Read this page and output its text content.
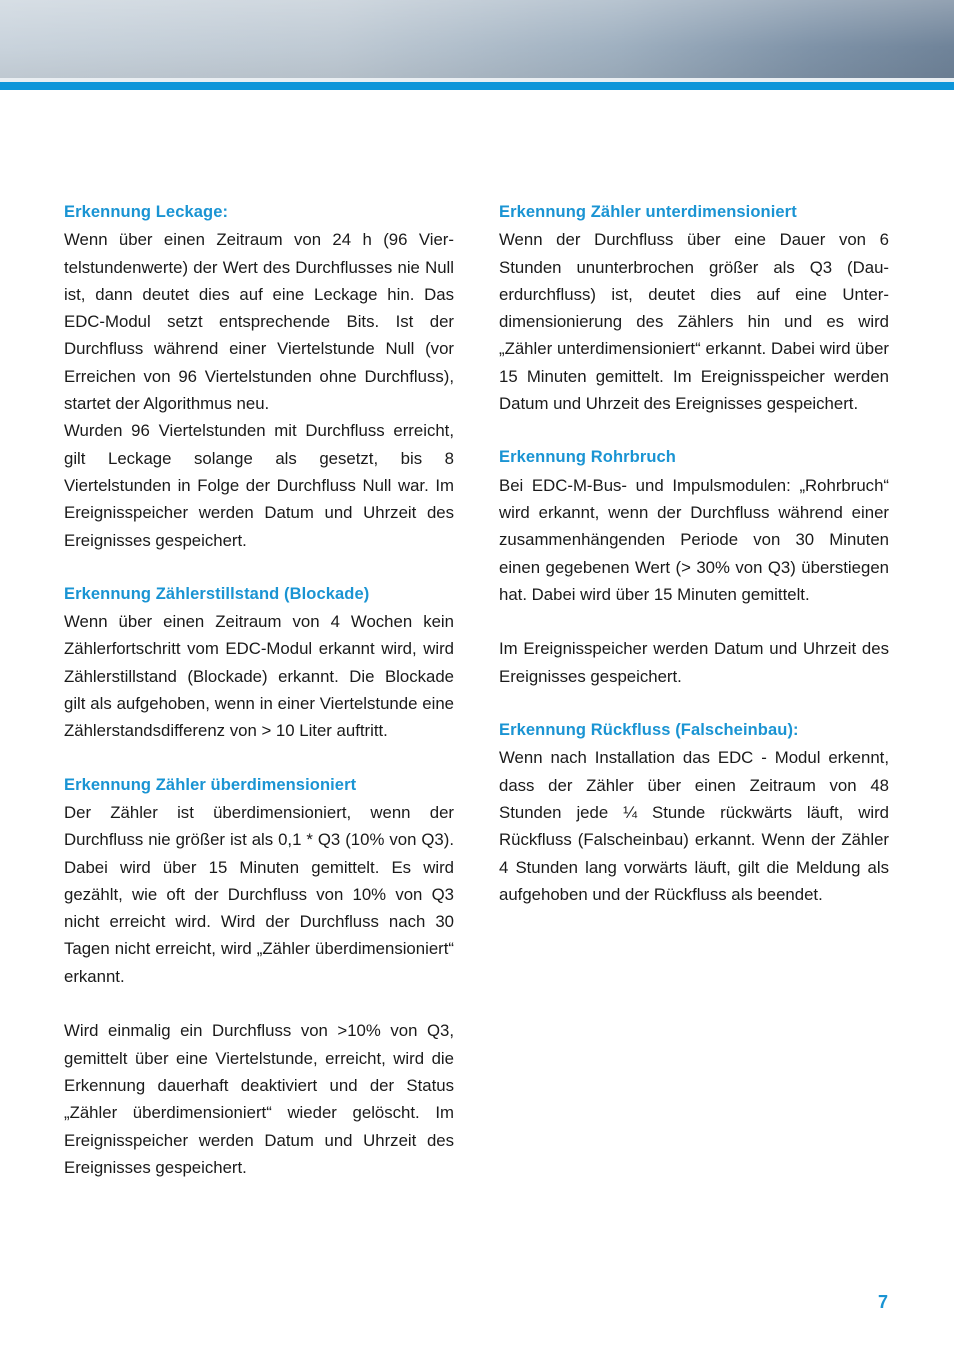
Erkennung Leckage:

Wenn über einen Zeitraum von 24 h (96 Viertelstundenwerte) der Wert des Durchflusses nie Null ist, dann deutet dies auf eine Leckage hin. Das EDC-Modul setzt entsprechende Bits. Ist der Durchfluss während einer Viertelstunde Null (vor Erreichen von 96 Viertelstunden ohne Durchfluss), startet der Algorithmus neu.

Wurden 96 Viertelstunden mit Durchfluss erreicht, gilt Leckage solange als gesetzt, bis 8 Viertelstunden in Folge der Durchfluss Null war. Im Ereignisspeicher werden Datum und Uhrzeit des Ereignisses gespeichert.

Erkennung Zählerstillstand (Blockade)

Wenn über einen Zeitraum von 4 Wochen kein Zählerfortschritt vom EDC-Modul erkannt wird, wird Zählerstillstand (Blockade) erkannt. Die Blockade gilt als aufgehoben, wenn in einer Viertelstunde eine Zählerstandsdifferenz von > 10 Liter auftritt.

Erkennung Zähler überdimensioniert

Der Zähler ist überdimensioniert, wenn der Durchfluss nie größer ist als 0,1 * Q3 (10% von Q3). Dabei wird über 15 Minuten gemittelt. Es wird gezählt, wie oft der Durchfluss von 10% von Q3 nicht erreicht wird. Wird der Durchfluss nach 30 Tagen nicht erreicht, wird „Zähler überdimensioniert“ erkannt.

Wird einmalig ein Durchfluss von >10% von Q3, gemittelt über eine Viertelstunde, erreicht, wird die Erkennung dauerhaft deaktiviert und der Status „Zähler überdimensioniert“ wieder gelöscht. Im Ereignisspeicher werden Datum und Uhrzeit des Ereignisses gespeichert.

Erkennung Zähler unterdimensioniert

Wenn der Durchfluss über eine Dauer von 6 Stunden ununterbrochen größer als Q3 (Dauerdurchfluss) ist, deutet dies auf eine Unterdimensionierung des Zählers hin und es wird „Zähler unterdimensioniert“ erkannt. Dabei wird über 15 Minuten gemittelt. Im Ereignisspeicher werden Datum und Uhrzeit des Ereignisses gespeichert.

Erkennung Rohrbruch

Bei EDC-M-Bus- und Impulsmodulen: „Rohrbruch“ wird erkannt, wenn der Durchfluss während einer zusammenhängenden Periode von 30 Minuten einen gegebenen Wert (> 30% von Q3) überstiegen hat. Dabei wird über 15 Minuten gemittelt.

Im Ereignisspeicher werden Datum und Uhrzeit des Ereignisses gespeichert.

Erkennung Rückfluss (Falscheinbau):

Wenn nach Installation das EDC - Modul erkennt, dass der Zähler über einen Zeitraum von 48 Stunden jede ¼ Stunde rückwärts läuft, wird Rückfluss (Falscheinbau) erkannt. Wenn der Zähler 4 Stunden lang vorwärts läuft, gilt die Meldung als aufgehoben und der Rückfluss als beendet.

7
